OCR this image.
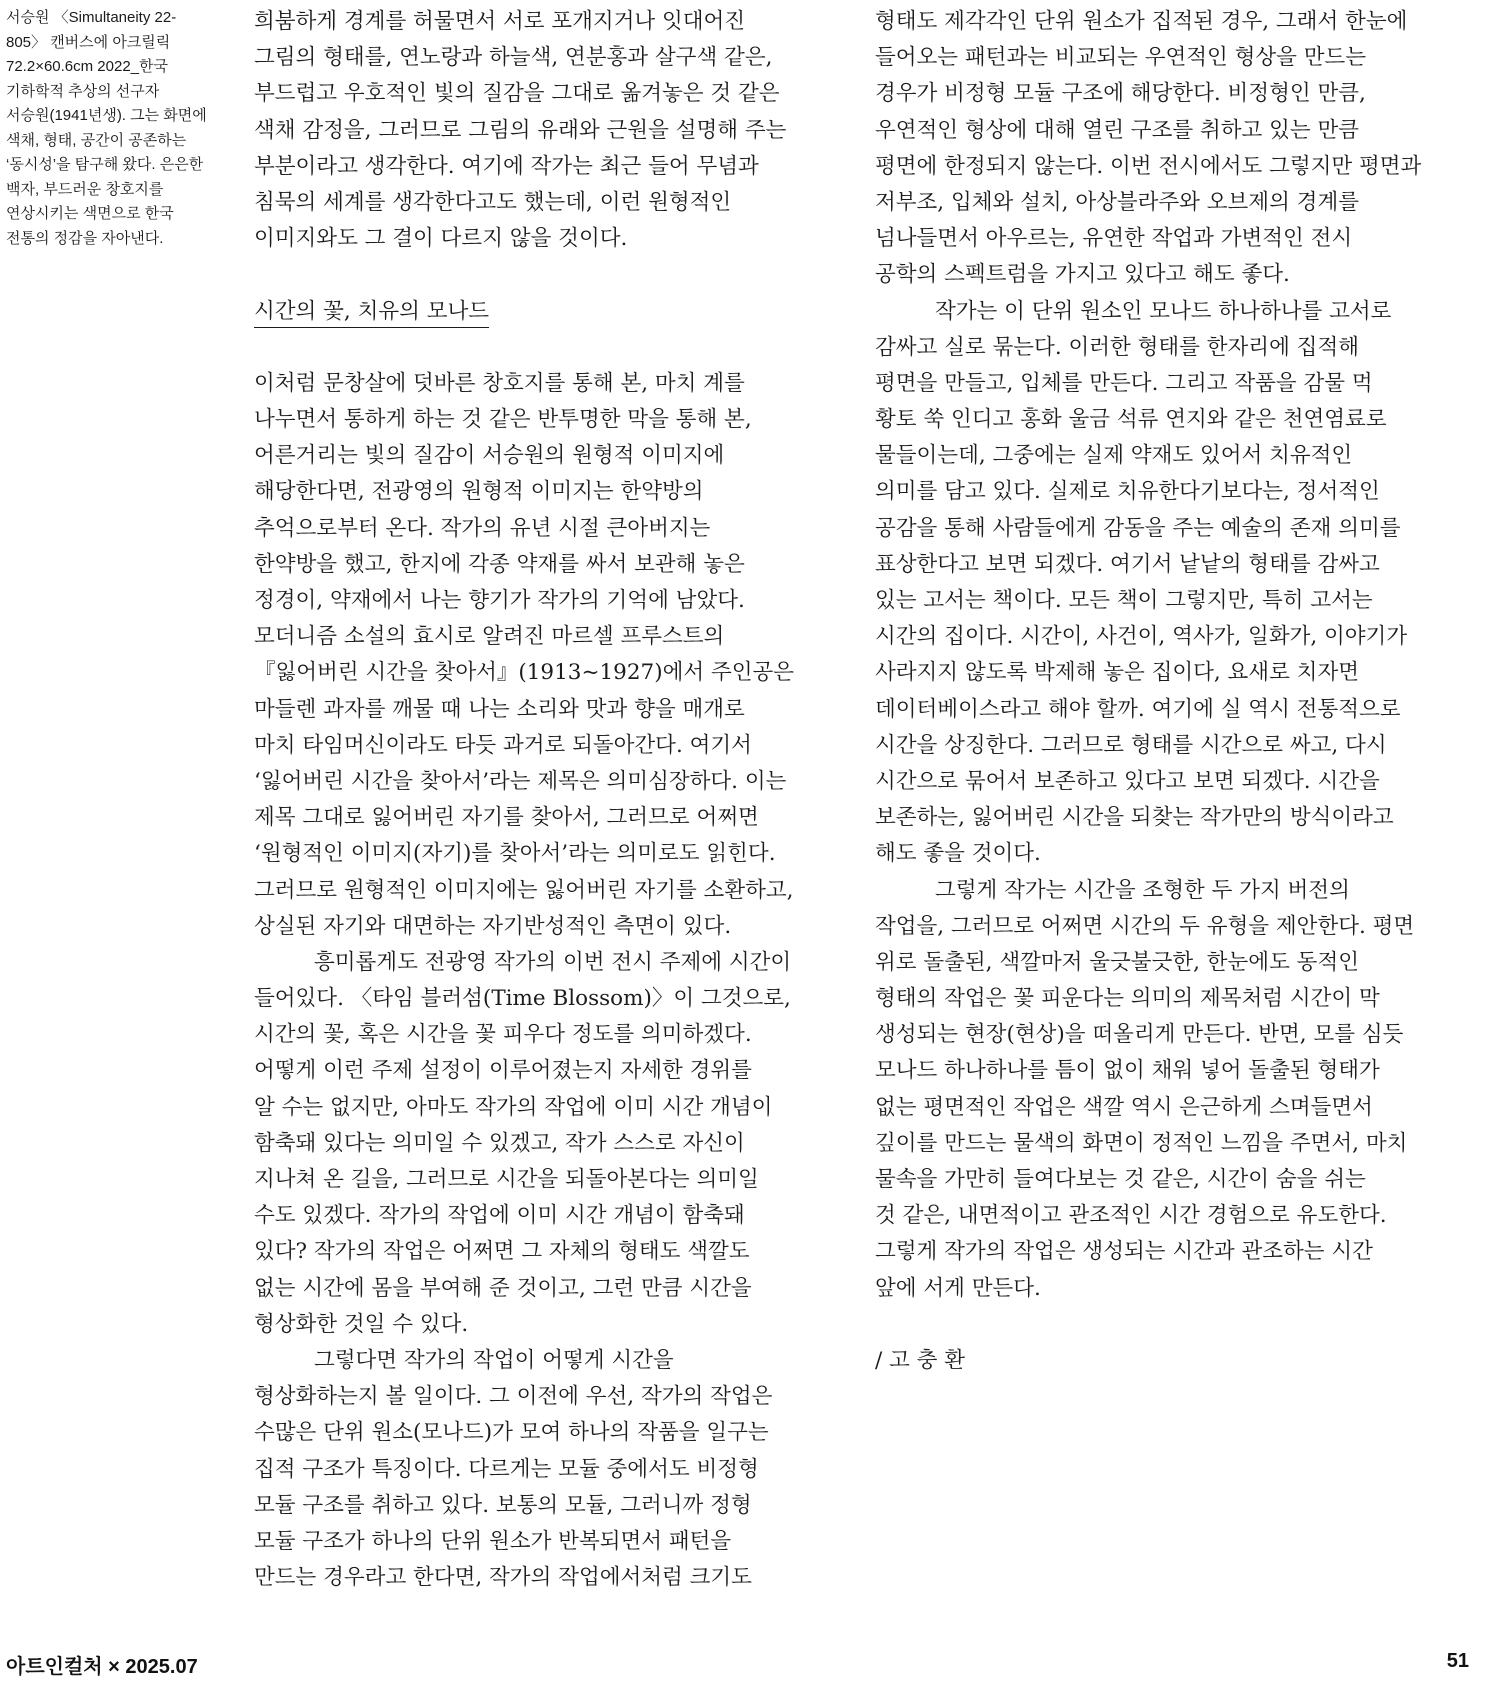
서승원 〈Simultaneity 22-
805〉 캔버스에 아크릴릭
72.2×60.6cm 2022_한국
기하학적 추상의 선구자
서승원(1941년생). 그는 화면에
색채, 형태, 공간이 공존하는
‘동시성’을 탐구해 왔다. 은은한
백자, 부드러운 창호지를
연상시키는 색면으로 한국
전통의 정감을 자아낸다.
희붐하게 경계를 허물면서 서로 포개지거나 잇대어진
그림의 형태를, 연노랑과 하늘색, 연분홍과 살구색 같은,
부드럽고 우호적인 빛의 질감을 그대로 옮겨놓은 것 같은
색채 감정을, 그러므로 그림의 유래와 근원을 설명해 주는
부분이라고 생각한다. 여기에 작가는 최근 들어 무념과
침묵의 세계를 생각한다고도 했는데, 이런 원형적인
이미지와도 그 결이 다르지 않을 것이다.
시간의 꽃, 치유의 모나드
이처럼 문창살에 덧바른 창호지를 통해 본, 마치 계를
나누면서 통하게 하는 것 같은 반투명한 막을 통해 본,
어른거리는 빛의 질감이 서승원의 원형적 이미지에
해당한다면, 전광영의 원형적 이미지는 한약방의
추억으로부터 온다. 작가의 유년 시절 큰아버지는
한약방을 했고, 한지에 각종 약재를 싸서 보관해 놓은
정경이, 약재에서 나는 향기가 작가의 기억에 남았다.
모더니즘 소설의 효시로 알려진 마르셀 프루스트의
『잃어버린 시간을 찾아서』(1913~1927)에서 주인공은
마들렌 과자를 깨물 때 나는 소리와 맛과 향을 매개로
마치 타임머신이라도 타듯 과거로 되돌아간다. 여기서
‘잃어버린 시간을 찾아서’라는 제목은 의미심장하다. 이는
제목 그대로 잃어버린 자기를 찾아서, 그러므로 어쩌면
‘원형적인 이미지(자기)를 찾아서’라는 의미로도 읽힌다.
그러므로 원형적인 이미지에는 잃어버린 자기를 소환하고,
상실된 자기와 대면하는 자기반성적인 측면이 있다.
흥미롭게도 전광영 작가의 이번 전시 주제에 시간이
들어있다. 〈타임 블러섬(Time Blossom)〉이 그것으로,
시간의 꽃, 혹은 시간을 꽃 피우다 정도를 의미하겠다.
어떻게 이런 주제 설정이 이루어졌는지 자세한 경위를
알 수는 없지만, 아마도 작가의 작업에 이미 시간 개념이
함축돼 있다는 의미일 수 있겠고, 작가 스스로 자신이
지나쳐 온 길을, 그러므로 시간을 되돌아본다는 의미일
수도 있겠다. 작가의 작업에 이미 시간 개념이 함축돼
있다? 작가의 작업은 어쩌면 그 자체의 형태도 색깔도
없는 시간에 몸을 부여해 준 것이고, 그런 만큼 시간을
형상화한 것일 수 있다.
그렇다면 작가의 작업이 어떻게 시간을
형상화하는지 볼 일이다. 그 이전에 우선, 작가의 작업은
수많은 단위 원소(모나드)가 모여 하나의 작품을 일구는
집적 구조가 특징이다. 다르게는 모듈 중에서도 비정형
모듈 구조를 취하고 있다. 보통의 모듈, 그러니까 정형
모듈 구조가 하나의 단위 원소가 반복되면서 패턴을
만드는 경우라고 한다면, 작가의 작업에서처럼 크기도
형태도 제각각인 단위 원소가 집적된 경우, 그래서 한눈에
들어오는 패턴과는 비교되는 우연적인 형상을 만드는
경우가 비정형 모듈 구조에 해당한다. 비정형인 만큼,
우연적인 형상에 대해 열린 구조를 취하고 있는 만큼
평면에 한정되지 않는다. 이번 전시에서도 그렇지만 평면과
저부조, 입체와 설치, 아상블라주와 오브제의 경계를
넘나들면서 아우르는, 유연한 작업과 가변적인 전시
공학의 스펙트럼을 가지고 있다고 해도 좋다.
작가는 이 단위 원소인 모나드 하나하나를 고서로
감싸고 실로 묶는다. 이러한 형태를 한자리에 집적해
평면을 만들고, 입체를 만든다. 그리고 작품을 감물 먹
황토 쑥 인디고 홍화 울금 석류 연지와 같은 천연염료로
물들이는데, 그중에는 실제 약재도 있어서 치유적인
의미를 담고 있다. 실제로 치유한다기보다는, 정서적인
공감을 통해 사람들에게 감동을 주는 예술의 존재 의미를
표상한다고 보면 되겠다. 여기서 낱낱의 형태를 감싸고
있는 고서는 책이다. 모든 책이 그렇지만, 특히 고서는
시간의 집이다. 시간이, 사건이, 역사가, 일화가, 이야기가
사라지지 않도록 박제해 놓은 집이다, 요새로 치자면
데이터베이스라고 해야 할까. 여기에 실 역시 전통적으로
시간을 상징한다. 그러므로 형태를 시간으로 싸고, 다시
시간으로 묶어서 보존하고 있다고 보면 되겠다. 시간을
보존하는, 잃어버린 시간을 되찾는 작가만의 방식이라고
해도 좋을 것이다.
그렇게 작가는 시간을 조형한 두 가지 버전의
작업을, 그러므로 어쩌면 시간의 두 유형을 제안한다. 평면
위로 돌출된, 색깔마저 울긋불긋한, 한눈에도 동적인
형태의 작업은 꽃 피운다는 의미의 제목처럼 시간이 막
생성되는 현장(현상)을 떠올리게 만든다. 반면, 모를 심듯
모나드 하나하나를 틈이 없이 채워 넣어 돌출된 형태가
없는 평면적인 작업은 색깔 역시 은근하게 스며들면서
깊이를 만드는 물색의 화면이 정적인 느낌을 주면서, 마치
물속을 가만히 들여다보는 것 같은, 시간이 숨을 쉬는
것 같은, 내면적이고 관조적인 시간 경험으로 유도한다.
그렇게 작가의 작업은 생성되는 시간과 관조하는 시간
앞에 서게 만든다.
/ 고 충 환
아트인컬처 × 2025.07	51
